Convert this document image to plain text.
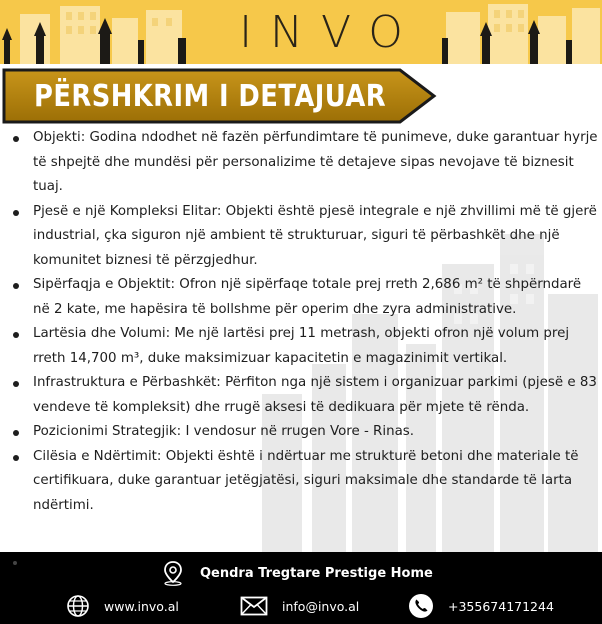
INVO
PËRSHKRIM I DETAJUAR
Objekti: Godina ndodhet në fazën përfundimtare të punimeve, duke garantuar hyrje të shpejtë dhe mundësi për personalizime të detajeve sipas nevojave të biznesit tuaj.
Pjesë e një Kompleksi Elitar: Objekti është pjesë integrale e një zhvillimi më të gjerë industrial, çka siguron një ambient të strukturuar, siguri të përbashkët dhe një komunitet biznesi të përzgjedhur.
Sipërfaqja e Objektit: Ofron një sipërfaqe totale prej rreth 2,686 m² të shpërndarë në 2 kate, me hapësira të bollshme për operim dhe zyra administrative.
Lartësia dhe Volumi: Me një lartësi prej 11 metrash, objekti ofron një volum prej rreth 14,700 m³, duke maksimizuar kapacitetin e magazinimit vertikal.
Infrastruktura e Përbashkët: Përfiton nga një sistem i organizuar parkimi (pjesë e 83 vendeve të kompleksit) dhe rrugë aksesi të dedikuara për mjete të rënda.
Pozicionimi Strategjik: I vendosur në rrugen Vore - Rinas.
Cilësia e Ndërtimit: Objekti është i ndërtuar me strukturë betoni dhe materiale të certifikuara, duke garantuar jetëgjatësi, siguri maksimale dhe standarde të larta ndërtimi.
Qendra Tregtare Prestige Home
www.invo.al	info@invo.al	+355674171244
